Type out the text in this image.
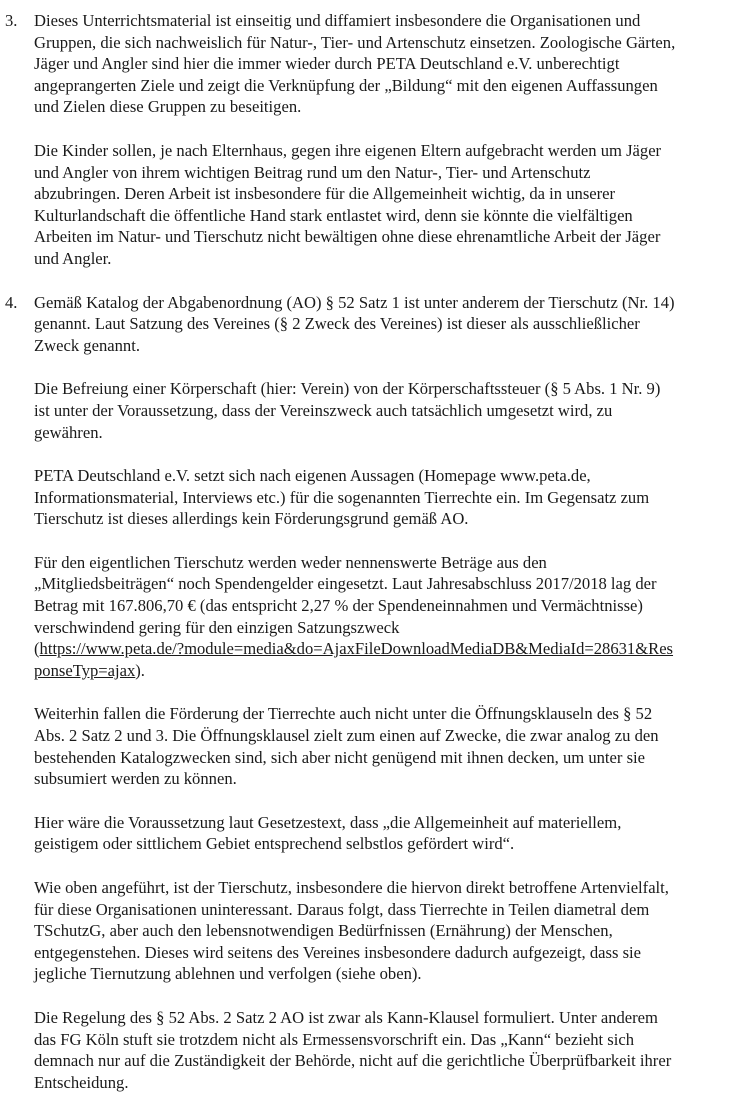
3. Dieses Unterrichtsmaterial ist einseitig und diffamiert insbesondere die Organisationen und
Gruppen, die sich nachweislich für Natur-, Tier- und Artenschutz einsetzen. Zoologische Gärten,
Jäger und Angler sind hier die immer wieder durch PETA Deutschland e.V. unberechtigt
angeprangerten Ziele und zeigt die Verknüpfung der „Bildung“ mit den eigenen Auffassungen
und Zielen diese Gruppen zu beseitigen.

Die Kinder sollen, je nach Elternhaus, gegen ihre eigenen Eltern aufgebracht werden um Jäger
und Angler von ihrem wichtigen Beitrag rund um den Natur-, Tier- und Artenschutz
abzubringen. Deren Arbeit ist insbesondere für die Allgemeinheit wichtig, da in unserer
Kulturlandschaft die öffentliche Hand stark entlastet wird, denn sie könnte die vielfältigen
Arbeiten im Natur- und Tierschutz nicht bewältigen ohne diese ehrenamtliche Arbeit der Jäger
und Angler.

4. Gemäß Katalog der Abgabenordnung (AO) § 52 Satz 1 ist unter anderem der Tierschutz (Nr. 14)
genannt. Laut Satzung des Vereines (§ 2 Zweck des Vereines) ist dieser als ausschließlicher
Zweck genannt.

Die Befreiung einer Körperschaft (hier: Verein) von der Körperschaftssteuer (§ 5 Abs. 1 Nr. 9)
ist unter der Voraussetzung, dass der Vereinszweck auch tatsächlich umgesetzt wird, zu
gewähren.

PETA Deutschland e.V. setzt sich nach eigenen Aussagen (Homepage www.peta.de,
Informationsmaterial, Interviews etc.) für die sogenannten Tierrechte ein. Im Gegensatz zum
Tierschutz ist dieses allerdings kein Förderungsgrund gemäß AO.

Für den eigentlichen Tierschutz werden weder nennenswerte Beträge aus den
„Mitgliedsbeiträgen“ noch Spendengelder eingesetzt. Laut Jahresabschluss 2017/2018 lag der
Betrag mit 167.806,70 € (das entspricht 2,27 % der Spendeneinnahmen und Vermächtnisse)
verschwindend gering für den einzigen Satzungszweck
(https://www.peta.de/?module=media&do=AjaxFileDownloadMediaDB&MediaId=28631&Res
ponseTyp=ajax).

Weiterhin fallen die Förderung der Tierrechte auch nicht unter die Öffnungsklauseln des § 52
Abs. 2 Satz 2 und 3. Die Öffnungsklausel zielt zum einen auf Zwecke, die zwar analog zu den
bestehenden Katalogzwecken sind, sich aber nicht genügend mit ihnen decken, um unter sie
subsumiert werden zu können.

Hier wäre die Voraussetzung laut Gesetzestext, dass „die Allgemeinheit auf materiellem,
geistigem oder sittlichem Gebiet entsprechend selbstlos gefördert wird“.

Wie oben angeführt, ist der Tierschutz, insbesondere die hiervon direkt betroffene Artenvielfalt,
für diese Organisationen uninteressant. Daraus folgt, dass Tierrechte in Teilen diametral dem
TSchutzG, aber auch den lebensnotwendigen Bedürfnissen (Ernährung) der Menschen,
entgegenstehen. Dieses wird seitens des Vereines insbesondere dadurch aufgezeigt, dass sie
jegliche Tiernutzung ablehnen und verfolgen (siehe oben).

Die Regelung des § 52 Abs. 2 Satz 2 AO ist zwar als Kann-Klausel formuliert. Unter anderem
das FG Köln stuft sie trotzdem nicht als Ermessensvorschrift ein. Das „Kann“ bezieht sich
demnach nur auf die Zuständigkeit der Behörde, nicht auf die gerichtliche Überprüfbarkeit ihrer
Entscheidung.
